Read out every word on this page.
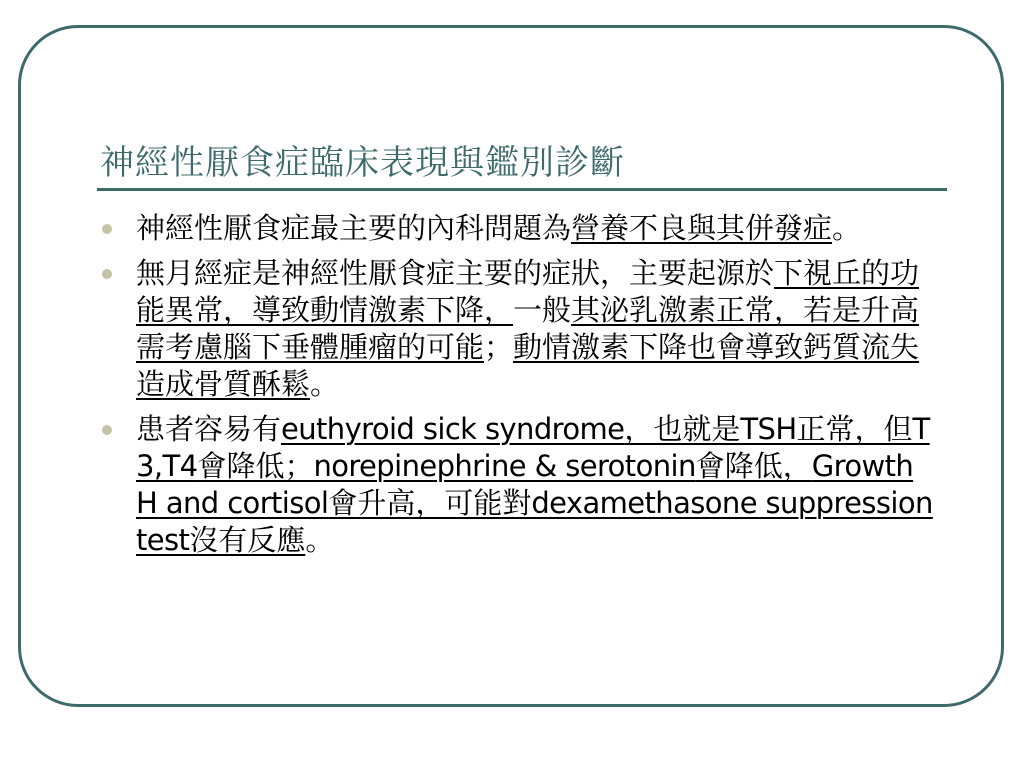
神經性厭食症臨床表現與鑑別診斷
神經性厭食症最主要的內科問題為營養不良與其併發症。
無月經症是神經性厭食症主要的症狀，主要起源於下視丘的功能異常，導致動情激素下降，一般其泌乳激素正常，若是升高需考慮腦下垂體腫瘤的可能；動情激素下降也會導致鈣質流失造成骨質酥鬆。
患者容易有euthyroid sick syndrome，也就是TSH正常，但T3,T4會降低；norepinephrine & serotonin會降低，Growth H and cortisol會升高，可能對dexamethasone suppression test沒有反應。
